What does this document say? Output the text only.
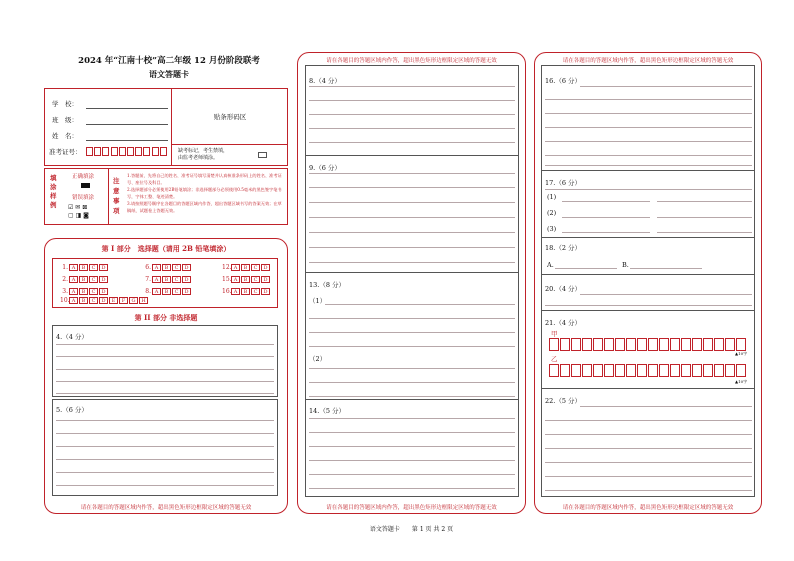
2024 年“江南十校”高二年级 12 月份阶段联考
语文答题卡
学　校：
班　级：
姓　名：
准考证号：
贴条形码区
缺考标记，考生禁填，
由监考老师填涂。
填涂样例
正确填涂
错误填涂
☑ ✉ ⊠
▢ ◨ ◙
注意事项
1.答题前，先将自己的姓名、准考证号填写清楚并认真核准条形码上的姓名、准考证号、座位号及科目。
2.选择题部分必须使用2B铅笔填涂；非选择题部分必须使用0.5毫米的黑色签字笔书写，字体工整、笔迹清楚。
3.请按照题号顺序在各题目的答题区域内作答，超出答题区域书写的答案无效；在草稿纸、试题卷上答题无效。
第 I 部分　选择题（请用 2B 铅笔填涂）
1. A B C D
2. A B C D
3. A B C D
6. A B C D
7. A B C D
8. A B C D
12. A B C D
15. A B C D
16. A B C D
10. A B C D E F G H
第 II 部分 非选择题
4.（4 分）
5.（6 分）
请在各题目的答题区域内作答，超出黑色矩形边框限定区域的答题无效
请在各题目的答题区域内作答，超出黑色矩形边框限定区域的答题无效
8.（4 分）
9.（6 分）
13.（8 分）
（1）
（2）
14.（5 分）
请在各题目的答题区域内作答，超出黑色矩形边框限定区域的答题无效
请在各题目的答题区域内作答，超出黑色矩形边框限定区域的答题无效
16.（6 分）
17.（6 分）
(1)
(2)
(3)
18.（2 分）
A.	B.
20.（4 分）
21.（4 分）
甲
▲10字
乙
▲10字
22.（5 分）
请在各题目的答题区域内作答，超出黑色矩形边框限定区域的答题无效
语文答题卡　　第 1 页 共 2 页
